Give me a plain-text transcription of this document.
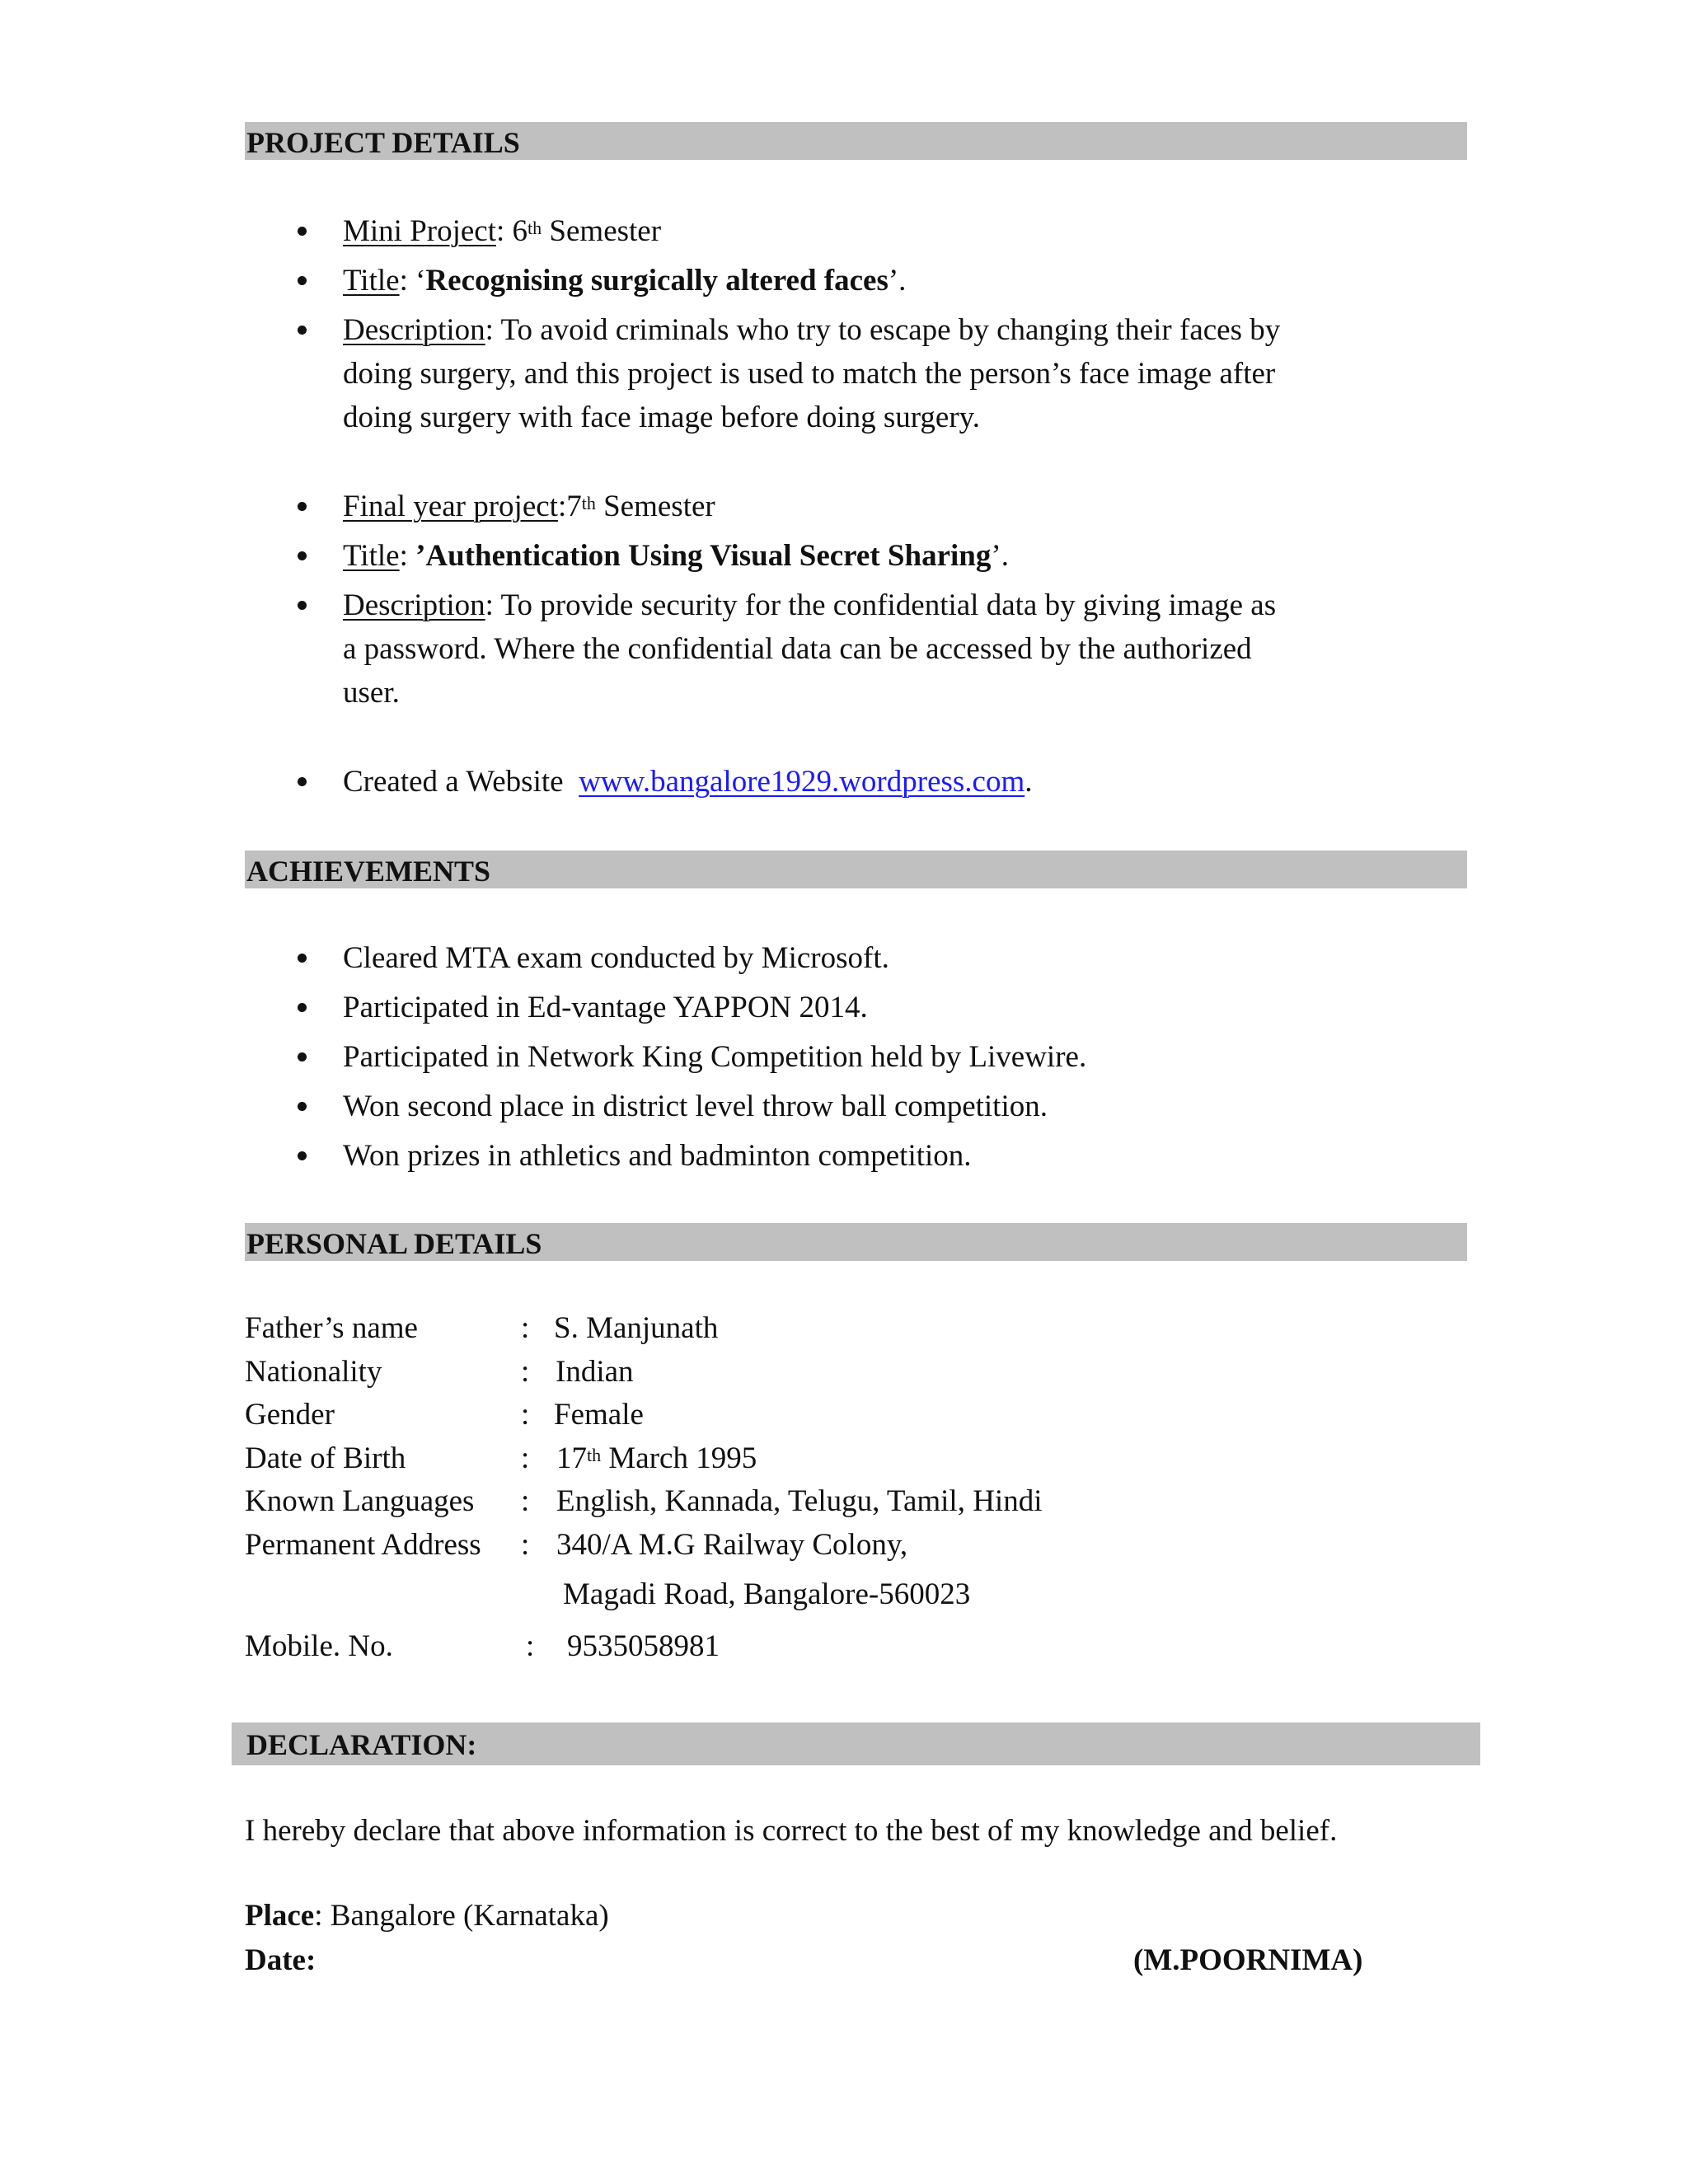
PROJECT DETAILS
Mini Project: 6th Semester
Title: ‘Recognising surgically altered faces’.
Description: To avoid criminals who try to escape by changing their faces by
doing surgery, and this project is used to match the person’s face image after
doing surgery with face image before doing surgery.
Final year project:7th Semester
Title: ’Authentication Using Visual Secret Sharing’.
Description: To provide security for the confidential data by giving image as
a password. Where the confidential data can be accessed by the authorized
user.
Created a Website  www.bangalore1929.wordpress.com.
ACHIEVEMENTS
Cleared MTA exam conducted by Microsoft.
Participated in Ed-vantage YAPPON 2014.
Participated in Network King Competition held by Livewire.
Won second place in district level throw ball competition.
Won prizes in athletics and badminton competition.
PERSONAL DETAILS
Father’s name	: S. Manjunath
Nationality	: Indian
Gender	: Female
Date of Birth	: 17th March 1995
Known Languages : English, Kannada, Telugu, Tamil, Hindi
Permanent Address : 340/A M.G Railway Colony,
Magadi Road, Bangalore-560023
Mobile. No.	: 9535058981
DECLARATION:
I hereby declare that above information is correct to the best of my knowledge and belief.
Place: Bangalore (Karnataka)
Date:	(M.POORNIMA)
